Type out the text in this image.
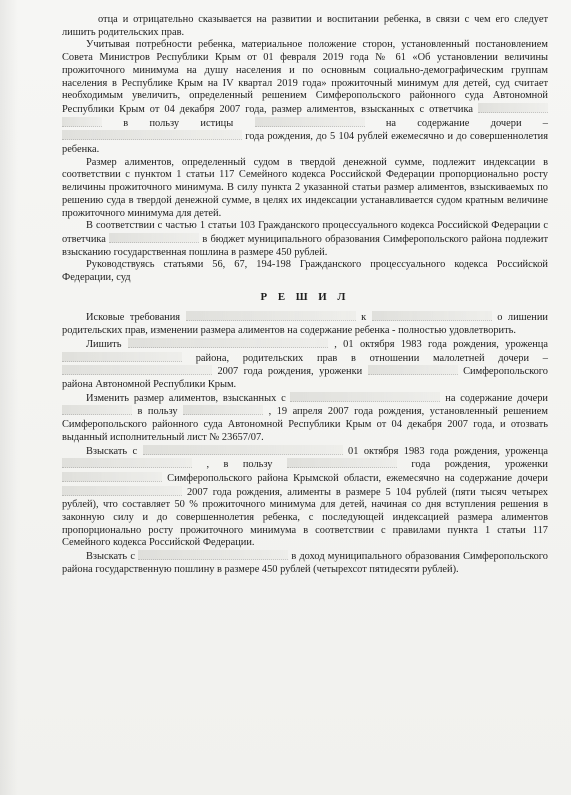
отца и отрицательно сказывается на развитии и воспитании ребенка, в связи с чем его следует лишить родительских прав.

Учитывая потребности ребенка, материальное положение сторон, установленный постановлением Совета Министров Республики Крым от 01 февраля 2019 года № 61 «Об установлении величины прожиточного минимума на душу населения и по основным социально-демографическим группам населения в Республике Крым на IV квартал 2019 года» прожиточный минимум для детей, суд считает необходимым увеличить, определенный решением Симферопольского районного суда Автономной Республики Крым от 04 декабря 2007 года, размер алиментов, взысканных с ответчика   в пользу истицы	на содержание дочери –  года рождения, до 5 104 рублей ежемесячно и до совершеннолетия ребенка.

Размер алиментов, определенный судом в твердой денежной сумме, подлежит индексации в соответствии с пунктом 1 статьи 117 Семейного кодекса Российской Федерации пропорционально росту величины прожиточного минимума. В силу пункта 2 указанной статьи размер алиментов, взыскиваемых по решению суда в твердой денежной сумме, в целях их индексации устанавливается судом кратным величине прожиточного минимума для детей.

В соответствии с частью 1 статьи 103 Гражданского процессуального кодекса Российской Федерации с ответчика	в бюджет муниципального образования Симферопольского района подлежит взысканию государственная пошлина в размере 450 рублей.

Руководствуясь статьями 56, 67, 194-198 Гражданского процессуального кодекса Российской Федерации, суд

Р Е Ш И Л

Исковые требования	к	о лишении родительских прав, изменении размера алиментов на содержание ребенка - полностью удовлетворить.

Лишить	, 01 октября 1983 года рождения, уроженца  района, родительских прав в отношении малолетней дочери –  2007 года рождения, уроженки	Симферопольского района Автономной Республики Крым.

Изменить размер алиментов, взысканных с	на содержание дочери  в пользу	, 19 апреля 2007 года рождения, установленный решением Симферопольского районного суда Автономной Республики Крым от 04 декабря 2007 года, и отозвать выданный исполнительный лист № 23657/07.

Взыскать с	01 октября 1983 года рождения, уроженца  , в пользу	года рождения, уроженки  Симферопольского района Крымской области, ежемесячно на содержание дочери  2007 года рождения, алименты в размере 5 104 рублей (пяти тысяч четырех рублей), что составляет 50 % прожиточного минимума для детей, начиная со дня вступления решения в законную силу и до совершеннолетия ребенка, с последующей индексацией размера алиментов пропорционально росту прожиточного минимума в соответствии с правилами пункта 1 статьи 117 Семейного кодекса Российской Федерации.

Взыскать с	в доход муниципального образования Симферопольского района государственную пошлину в размере 450 рублей (четырехсот пятидесяти рублей).
